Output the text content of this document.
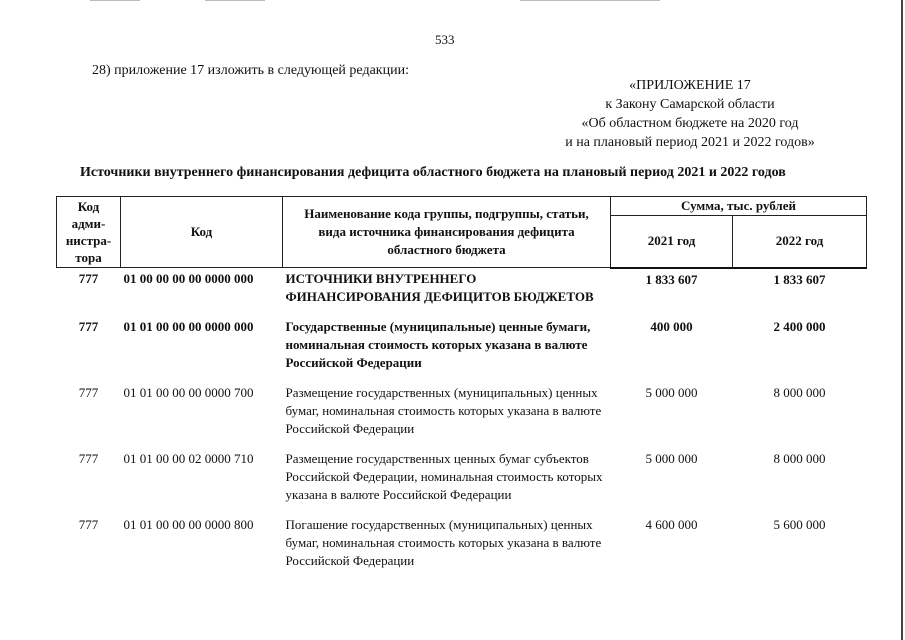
533
28) приложение 17 изложить в следующей редакции:
«ПРИЛОЖЕНИЕ 17
к Закону Самарской области
«Об областном бюджете на 2020 год
и на плановый период 2021 и 2022 годов»
Источники внутреннего финансирования дефицита областного бюджета на плановый период 2021 и 2022 годов
Код
адми-
нистра-
тора	Код	Наименование кода группы, подгруппы, статьи, вида источника финансирования дефицита областного бюджета	Сумма, тыс. рублей	
			2021 год	2022 год
777	01 00 00 00 00 0000 000	ИСТОЧНИКИ ВНУТРЕННЕГО ФИНАНСИРОВАНИЯ ДЕФИЦИТОВ БЮДЖЕТОВ	1 833 607	1 833 607
777	01 01 00 00 00 0000 000	Государственные (муниципальные) ценные бумаги, номинальная стоимость которых указана в валюте Российской Федерации	400 000	2 400 000
777	01 01 00 00 00 0000 700	Размещение государственных (муниципальных) ценных бумаг, номинальная стоимость которых указана в валюте Российской Федерации	5 000 000	8 000 000
777	01 01 00 00 02 0000 710	Размещение государственных ценных бумаг субъектов Российской Федерации, номинальная стоимость которых указана в валюте Российской Федерации	5 000 000	8 000 000
777	01 01 00 00 00 0000 800	Погашение государственных (муниципальных) ценных бумаг, номинальная стоимость которых указана в валюте Российской Федерации	4 600 000	5 600 000
